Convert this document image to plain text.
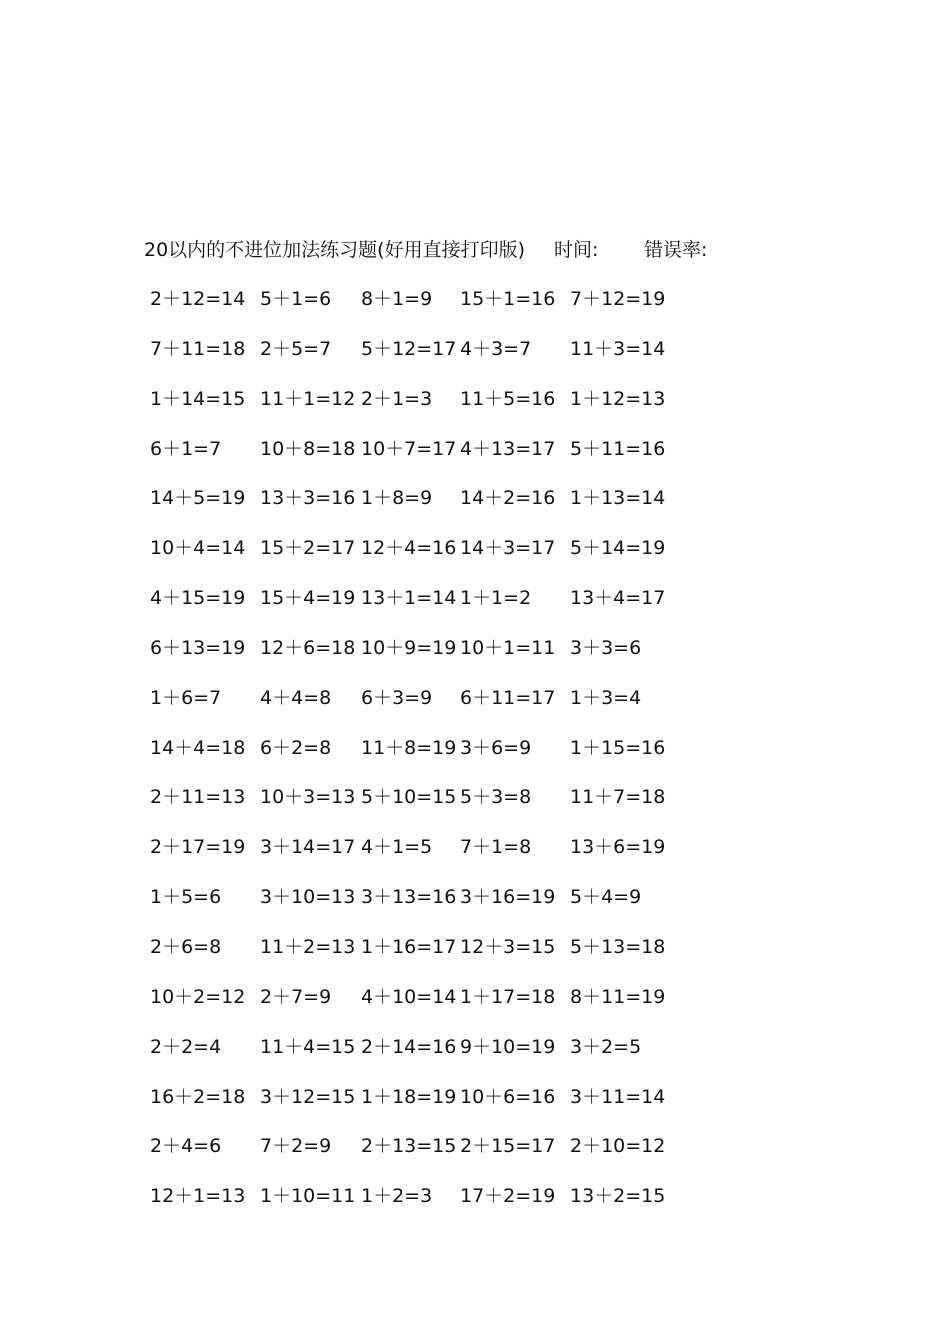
20以内的不进位加法练习题(好用直接打印版) 时间: 错误率:
2＋12=14 5＋1=6 8＋1=9 15＋1=16 7＋12=19
7＋11=18 2＋5=7 5＋12=17 4＋3=7 11＋3=14
1＋14=15 11＋1=12 2＋1=3 11＋5=16 1＋12=13
6＋1=7 10＋8=18 10＋7=17 4＋13=17 5＋11=16
14＋5=19 13＋3=16 1＋8=9 14＋2=16 1＋13=14
10＋4=14 15＋2=17 12＋4=16 14＋3=17 5＋14=19
4＋15=19 15＋4=19 13＋1=14 1＋1=2 13＋4=17
6＋13=19 12＋6=18 10＋9=19 10＋1=11 3＋3=6
1＋6=7 4＋4=8 6＋3=9 6＋11=17 1＋3=4
14＋4=18 6＋2=8 11＋8=19 3＋6=9 1＋15=16
2＋11=13 10＋3=13 5＋10=15 5＋3=8 11＋7=18
2＋17=19 3＋14=17 4＋1=5 7＋1=8 13＋6=19
1＋5=6 3＋10=13 3＋13=16 3＋16=19 5＋4=9
2＋6=8 11＋2=13 1＋16=17 12＋3=15 5＋13=18
10＋2=12 2＋7=9 4＋10=14 1＋17=18 8＋11=19
2＋2=4 11＋4=15 2＋14=16 9＋10=19 3＋2=5
16＋2=18 3＋12=15 1＋18=19 10＋6=16 3＋11=14
2＋4=6 7＋2=9 2＋13=15 2＋15=17 2＋10=12
12＋1=13 1＋10=11 1＋2=3 17＋2=19 13＋2=15
